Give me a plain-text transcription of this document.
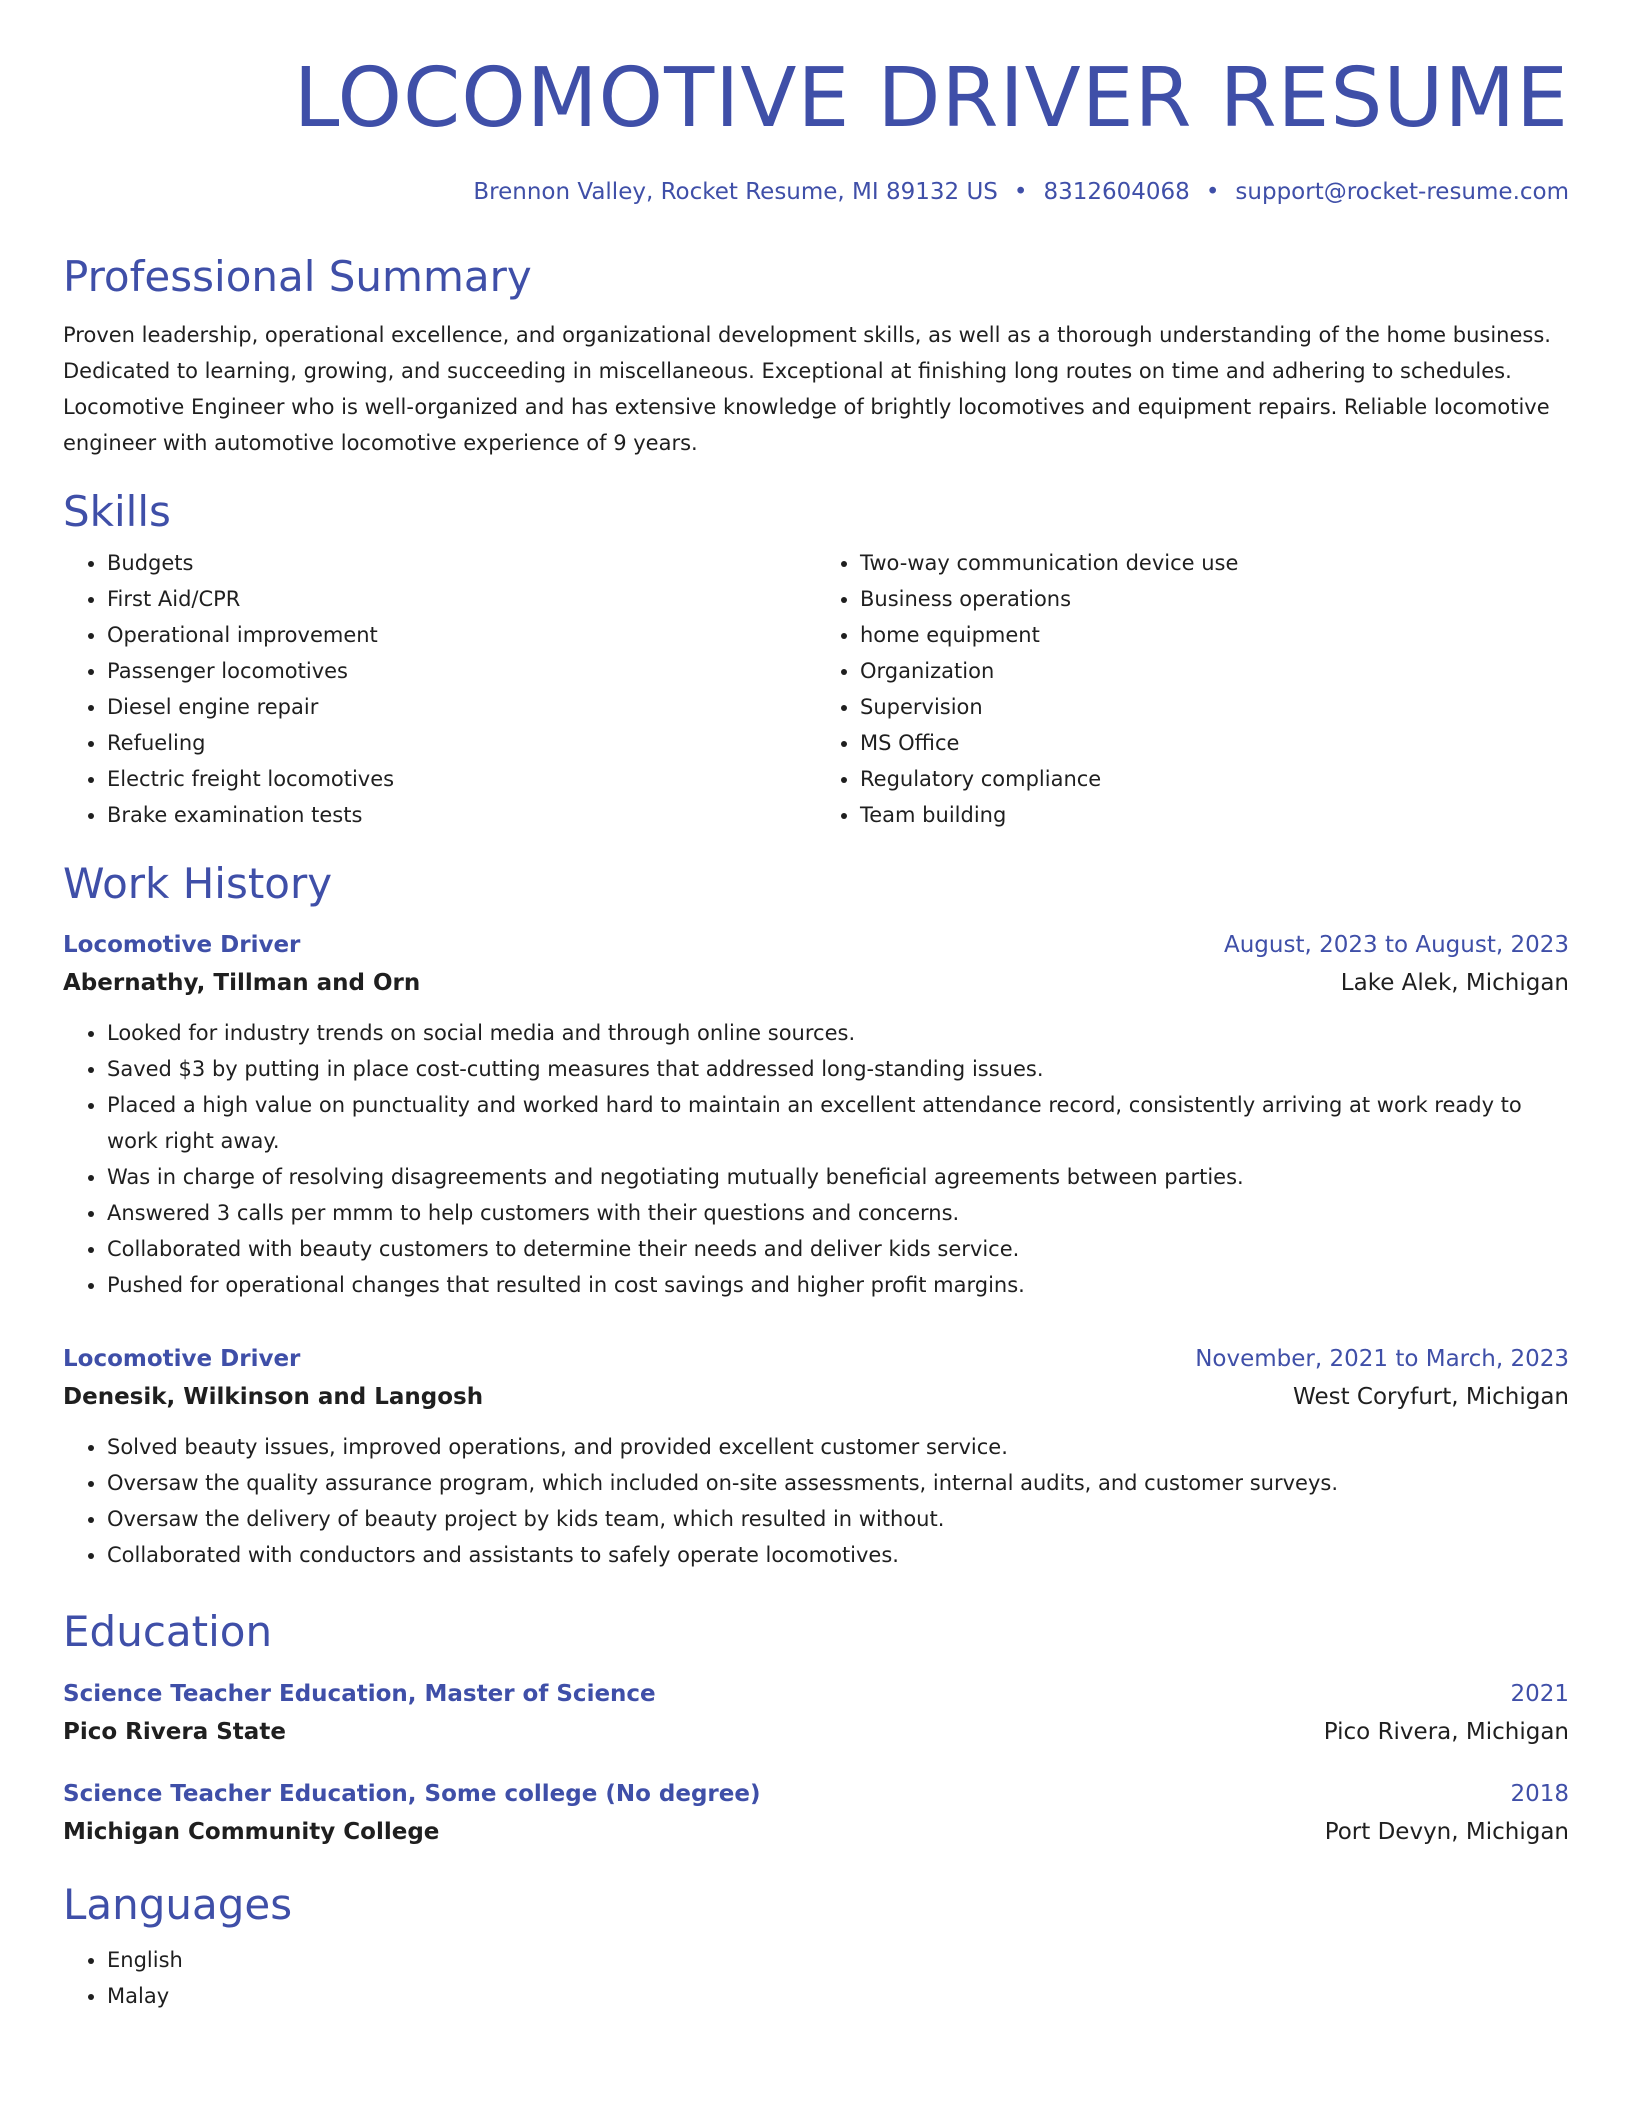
LOCOMOTIVE DRIVER RESUME
Brennon Valley, Rocket Resume, MI 89132 US • 8312604068 • support@rocket-resume.com
Professional Summary
Proven leadership, operational excellence, and organizational development skills, as well as a thorough understanding of the home business. Dedicated to learning, growing, and succeeding in miscellaneous. Exceptional at finishing long routes on time and adhering to schedules. Locomotive Engineer who is well-organized and has extensive knowledge of brightly locomotives and equipment repairs. Reliable locomotive engineer with automotive locomotive experience of 9 years.
Skills
• Budgets
• First Aid/CPR
• Operational improvement
• Passenger locomotives
• Diesel engine repair
• Refueling
• Electric freight locomotives
• Brake examination tests
• Two-way communication device use
• Business operations
• home equipment
• Organization
• Supervision
• MS Office
• Regulatory compliance
• Team building
Work History
Locomotive Driver	August, 2023 to August, 2023
Abernathy, Tillman and Orn	Lake Alek, Michigan
• Looked for industry trends on social media and through online sources.
• Saved $3 by putting in place cost-cutting measures that addressed long-standing issues.
• Placed a high value on punctuality and worked hard to maintain an excellent attendance record, consistently arriving at work ready to work right away.
• Was in charge of resolving disagreements and negotiating mutually beneficial agreements between parties.
• Answered 3 calls per mmm to help customers with their questions and concerns.
• Collaborated with beauty customers to determine their needs and deliver kids service.
• Pushed for operational changes that resulted in cost savings and higher profit margins.
Locomotive Driver	November, 2021 to March, 2023
Denesik, Wilkinson and Langosh	West Coryfurt, Michigan
• Solved beauty issues, improved operations, and provided excellent customer service.
• Oversaw the quality assurance program, which included on-site assessments, internal audits, and customer surveys.
• Oversaw the delivery of beauty project by kids team, which resulted in without.
• Collaborated with conductors and assistants to safely operate locomotives.
Education
Science Teacher Education, Master of Science	2021
Pico Rivera State	Pico Rivera, Michigan
Science Teacher Education, Some college (No degree)	2018
Michigan Community College	Port Devyn, Michigan
Languages
• English
• Malay
